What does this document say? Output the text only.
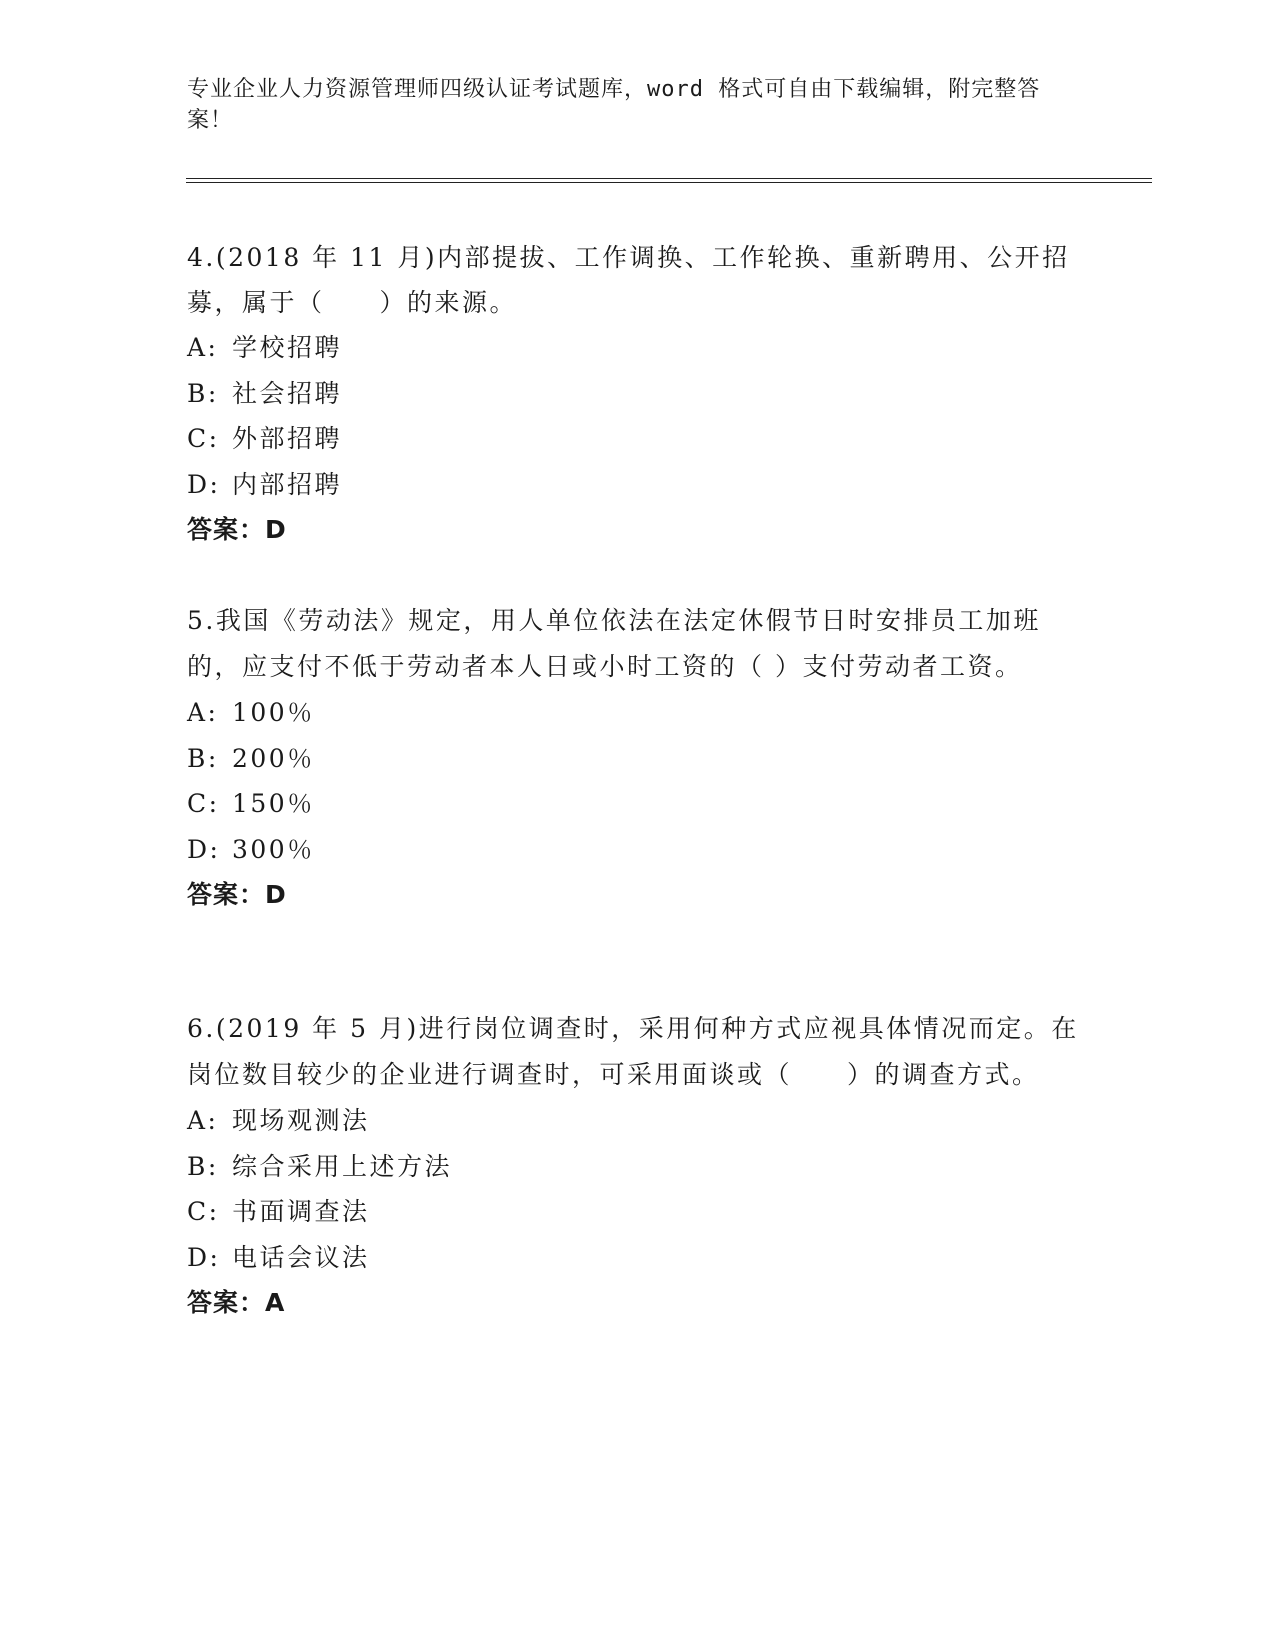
专业企业人力资源管理师四级认证考试题库，word 格式可自由下载编辑，附完整答案！

4.(2018 年 11 月)内部提拔、工作调换、工作轮换、重新聘用、公开招募，属于（　　）的来源。

A: 学校招聘
B: 社会招聘
C: 外部招聘
D: 内部招聘
答案：D

5.我国《劳动法》规定，用人单位依法在法定休假节日时安排员工加班的，应支付不低于劳动者本人日或小时工资的（ ）支付劳动者工资。

A: 100％
B: 200％
C: 150％
D: 300％
答案：D

6.(2019 年 5 月)进行岗位调查时，采用何种方式应视具体情况而定。在岗位数目较少的企业进行调查时，可采用面谈或（　　）的调查方式。

A: 现场观测法
B: 综合采用上述方法
C: 书面调查法
D: 电话会议法
答案：A
